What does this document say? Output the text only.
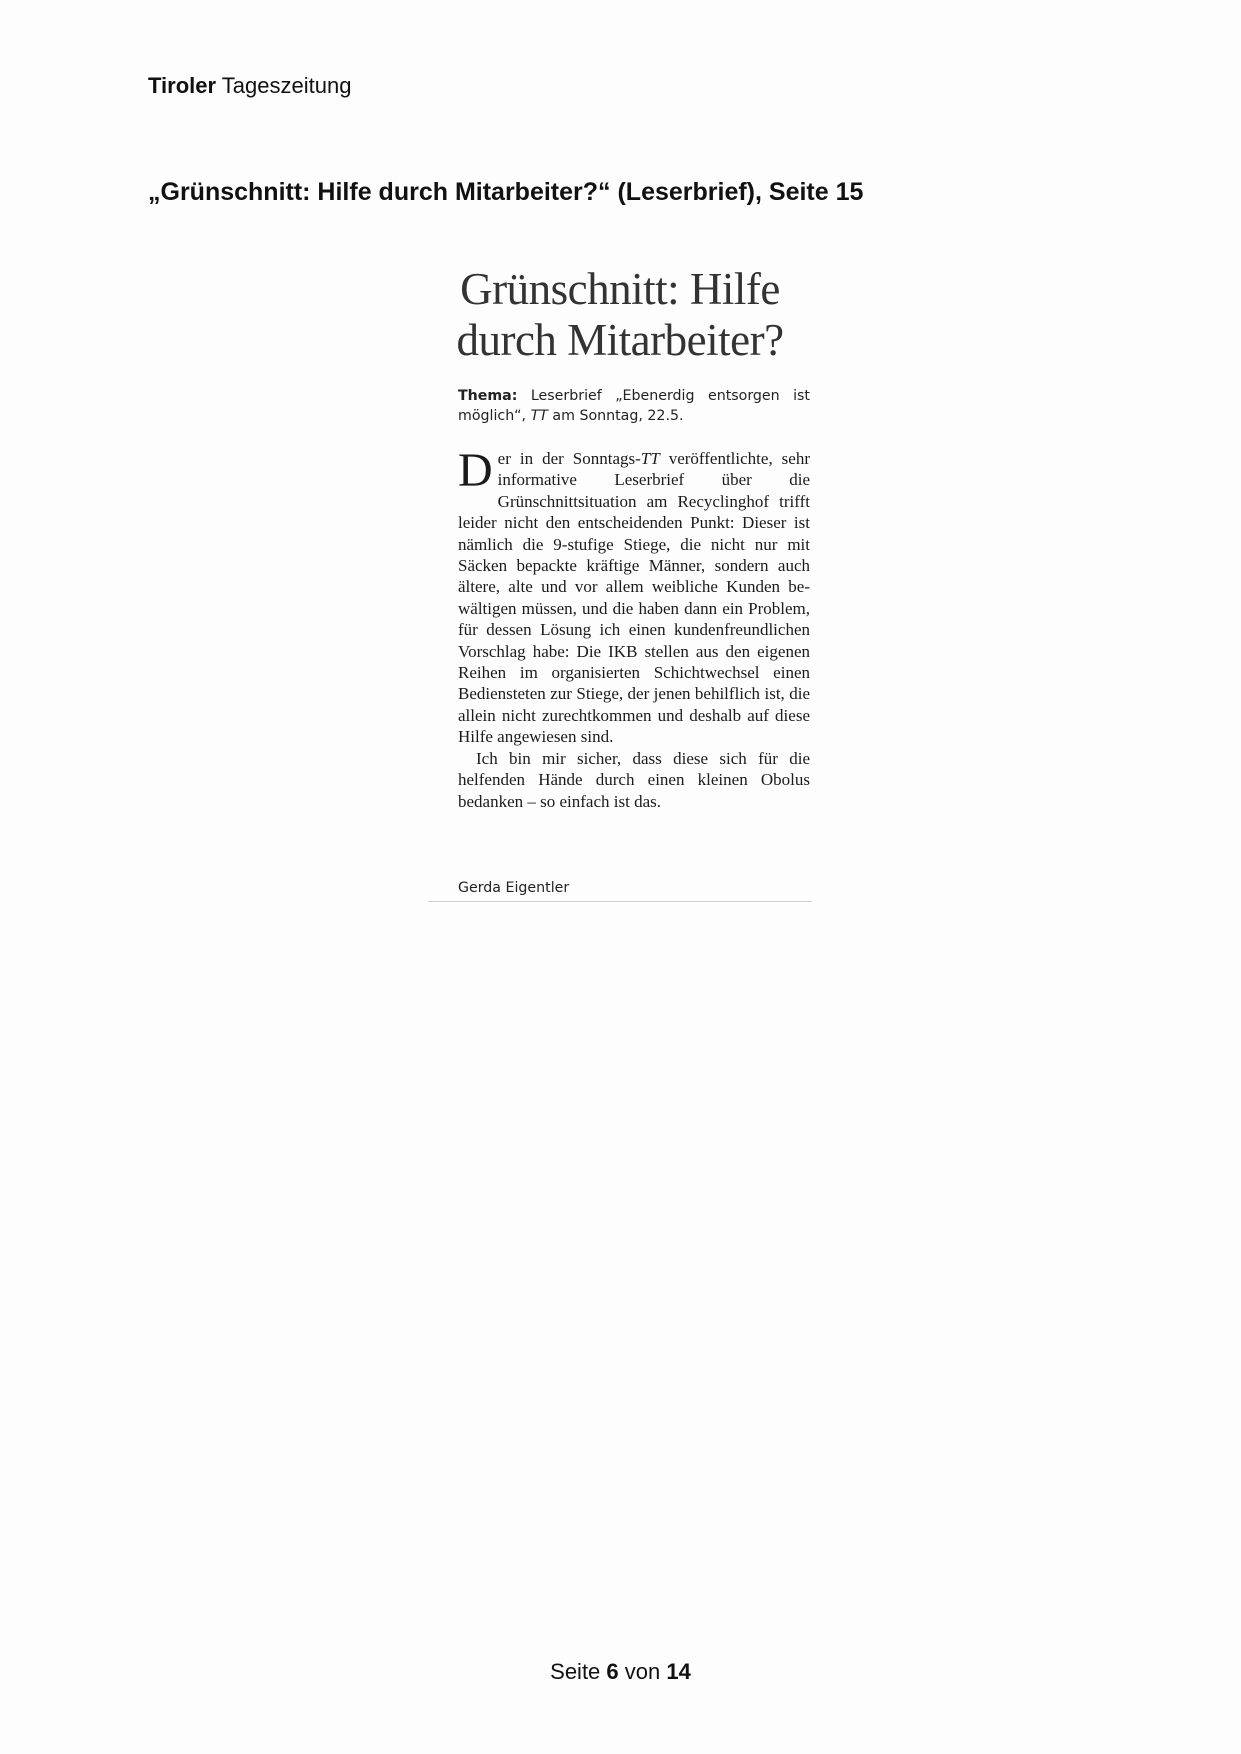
Tiroler Tageszeitung
„Grünschnitt: Hilfe durch Mitarbeiter?“ (Leserbrief), Seite 15
Grünschnitt: Hilfe
durch Mitarbeiter?
Thema: Leserbrief „Ebenerdig entsorgen ist möglich“, TT am Sonntag, 22.5.

Der in der Sonntags-TT veröffentlichte, sehr informative Leserbrief über die Grünschnittsituation am Recyclinghof trifft leider nicht den entscheidenden Punkt: Dieser ist nämlich die 9-stufige Stiege, die nicht nur mit Säcken bepackte kräftige Männer, sondern auch ältere, alte und vor allem weibliche Kunden bewältigen müssen, und die haben dann ein Problem, für dessen Lösung ich einen kundenfreundlichen Vorschlag habe: Die IKB stellen aus den eigenen Reihen im organisierten Schichtwechsel einen Bediensteten zur Stiege, der jenen behilflich ist, die allein nicht zurechtkommen und deshalb auf diese Hilfe angewiesen sind.

Ich bin mir sicher, dass diese sich für die helfenden Hände durch einen kleinen Obolus bedanken – so einfach ist das.

Gerda Eigentler
Seite 6 von 14
